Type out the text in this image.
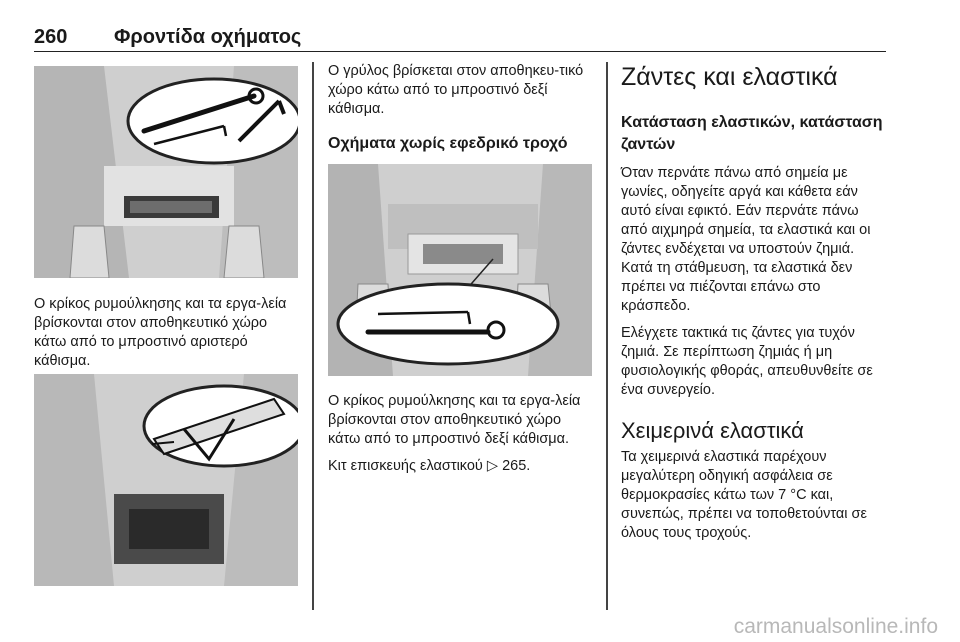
260 Φροντίδα οχήματος

Ο κρίκος ρυμούλκησης και τα εργα-λεία βρίσκονται στον αποθηκευτικό χώρο κάτω από το μπροστινό αριστερό κάθισμα.

Ο γρύλος βρίσκεται στον αποθηκευ-τικό χώρο κάτω από το μπροστινό δεξί κάθισμα.

Οχήματα χωρίς εφεδρικό τροχό

Ο κρίκος ρυμούλκησης και τα εργα-λεία βρίσκονται στον αποθηκευτικό χώρο κάτω από το μπροστινό δεξί κάθισμα.

Κιτ επισκευής ελαστικού ▷ 265.

Ζάντες και ελαστικά

Κατάσταση ελαστικών, κατάσταση ζαντών

Όταν περνάτε πάνω από σημεία με γωνίες, οδηγείτε αργά και κάθετα εάν αυτό είναι εφικτό. Εάν περνάτε πάνω από αιχμηρά σημεία, τα ελαστικά και οι ζάντες ενδέχεται να υποστούν ζημιά. Κατά τη στάθμευση, τα ελαστικά δεν πρέπει να πιέζονται επάνω στο κράσπεδο.

Ελέγχετε τακτικά τις ζάντες για τυχόν ζημιά. Σε περίπτωση ζημιάς ή μη φυσιολογικής φθοράς, απευθυνθείτε σε ένα συνεργείο.

Χειμερινά ελαστικά

Τα χειμερινά ελαστικά παρέχουν μεγαλύτερη οδηγική ασφάλεια σε θερμοκρασίες κάτω των 7 °C και, συνεπώς, πρέπει να τοποθετούνται σε όλους τους τροχούς.

carmanualsonline.info
